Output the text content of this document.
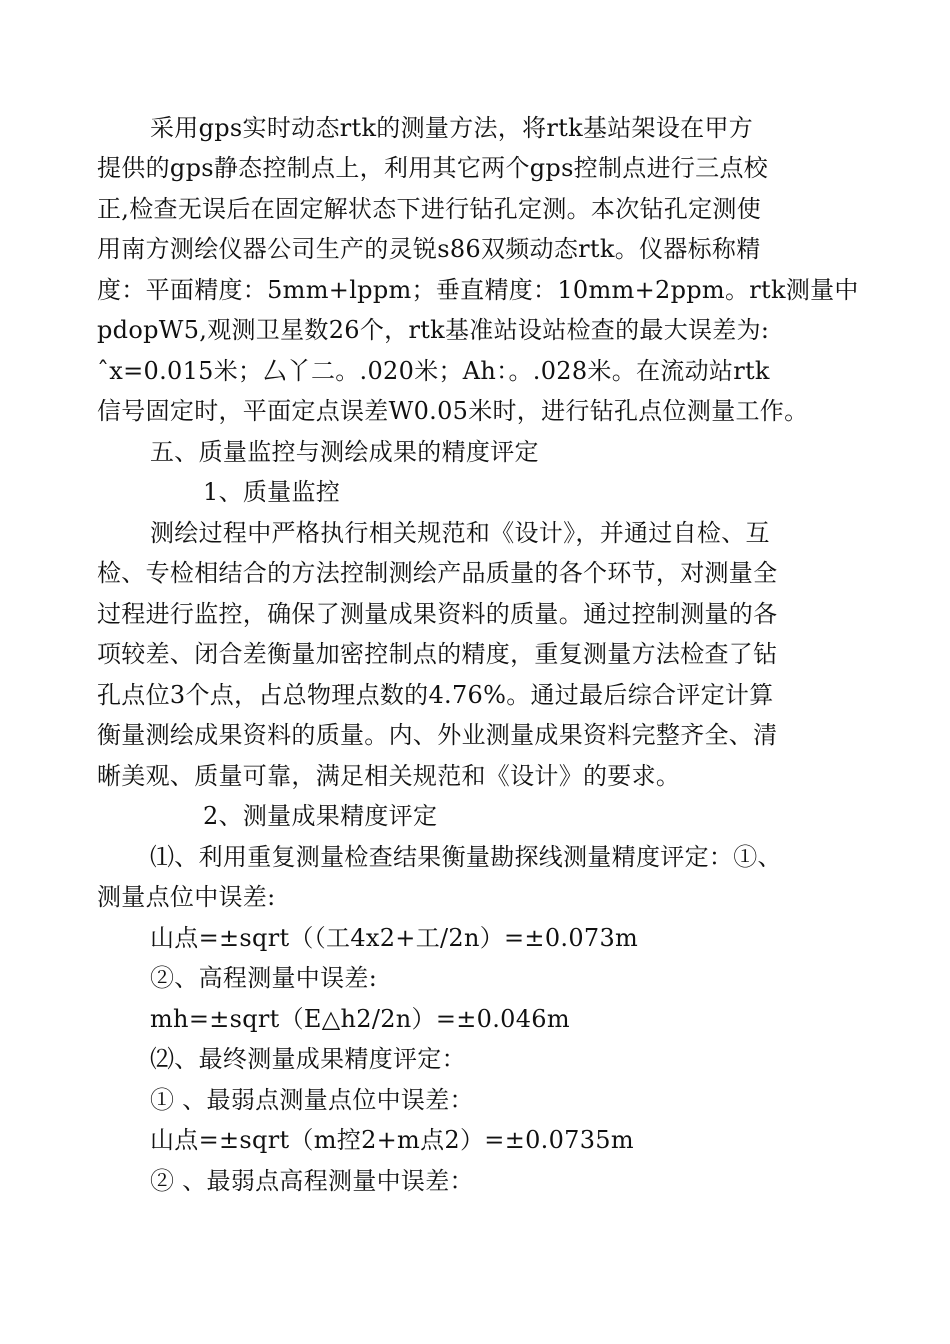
采用gps实时动态rtk的测量方法，将rtk基站架设在甲方
提供的gps静态控制点上，利用其它两个gps控制点进行三点校
正,检查无误后在固定解状态下进行钻孔定测。本次钻孔定测使
用南方测绘仪器公司生产的灵锐s86双频动态rtk。仪器标称精
度：平面精度：5mm+lppm；垂直精度：10mm+2ppm。rtk测量中
pdopW5,观测卫星数26个，rtk基准站设站检查的最大误差为:
ˆx=0.015米；厶丫二。.020米；Ah：。.028米。在流动站rtk
信号固定时，平面定点误差W0.05米时，进行钻孔点位测量工作。
五、质量监控与测绘成果的精度评定
1、质量监控
测绘过程中严格执行相关规范和《设计》，并通过自检、互
检、专检相结合的方法控制测绘产品质量的各个环节，对测量全
过程进行监控，确保了测量成果资料的质量。通过控制测量的各
项较差、闭合差衡量加密控制点的精度，重复测量方法检查了钻
孔点位3个点，占总物理点数的4.76%。通过最后综合评定计算
衡量测绘成果资料的质量。内、外业测量成果资料完整齐全、清
晰美观、质量可靠，满足相关规范和《设计》的要求。
2、测量成果精度评定
⑴、利用重复测量检查结果衡量勘探线测量精度评定：①、
测量点位中误差:
山点=±sqrt（（工4x2+工/2n）=±0.073m
②、高程测量中误差:
mh=±sqrt（E△h2/2n）=±0.046m
⑵、最终测量成果精度评定：
① 、最弱点测量点位中误差：
山点=±sqrt（m控2+m点2）=±0.0735m
② 、最弱点高程测量中误差：
